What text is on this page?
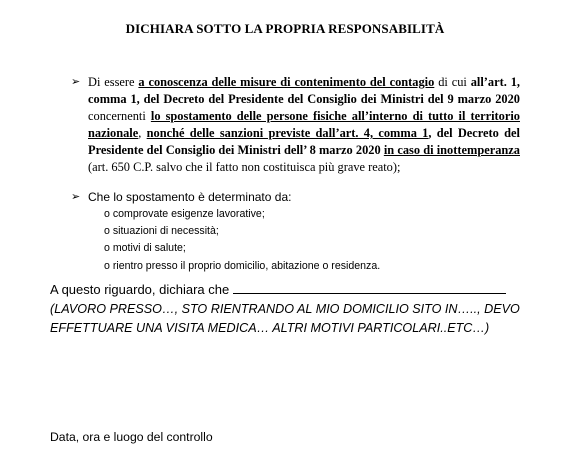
DICHIARA SOTTO LA PROPRIA RESPONSABILITÀ
➢ Di essere a conoscenza delle misure di contenimento del contagio di cui all’art. 1, comma 1, del Decreto del Presidente del Consiglio dei Ministri del 9 marzo 2020 concernenti lo spostamento delle persone fisiche all’interno di tutto il territorio nazionale, nonché delle sanzioni previste dall’art. 4, comma 1, del Decreto del Presidente del Consiglio dei Ministri dell’ 8 marzo 2020 in caso di inottemperanza (art. 650 C.P. salvo che il fatto non costituisca più grave reato);
➢ Che lo spostamento è determinato da:
o comprovate esigenze lavorative;
o situazioni di necessità;
o motivi di salute;
o rientro presso il proprio domicilio, abitazione o residenza.
A questo riguardo, dichiara che
(LAVORO PRESSO…, STO RIENTRANDO AL MIO DOMICILIO SITO IN….., DEVO
EFFETTUARE UNA VISITA MEDICA… ALTRI MOTIVI PARTICOLARI..ETC…)
Data, ora e luogo del controllo
